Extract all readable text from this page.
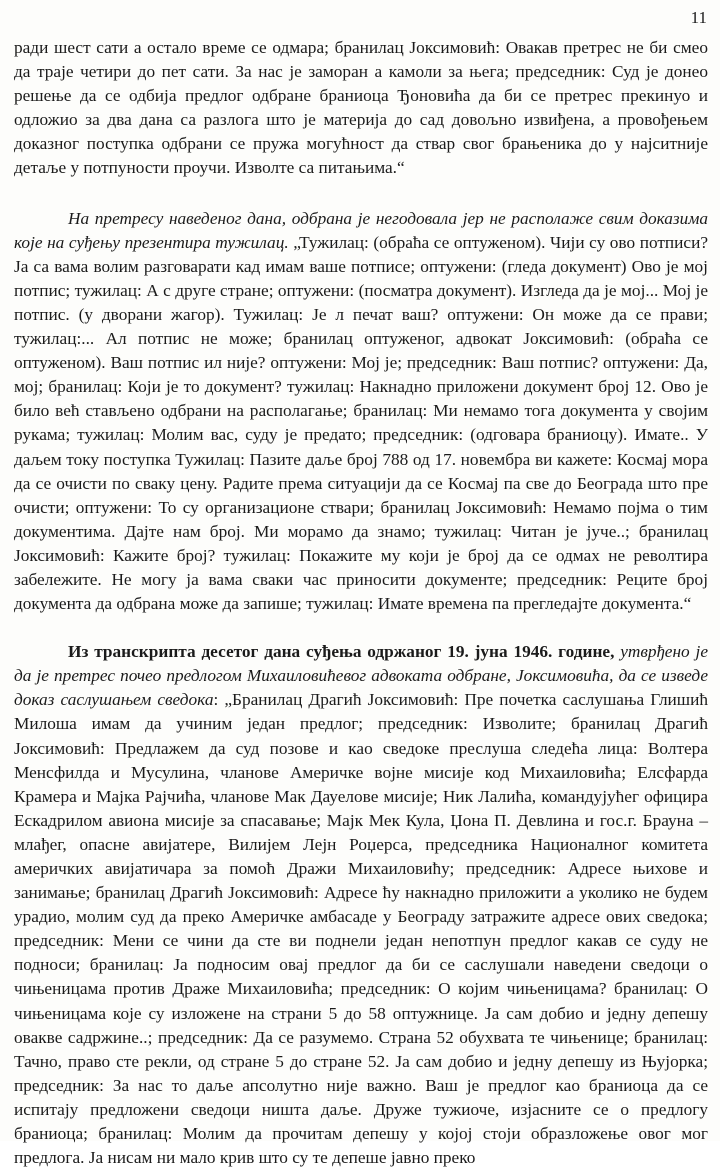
11

ради шест сати а остало време се одмара; бранилац Јоксимовић: Овакав претрес не би смео да траје четири до пет сати. За нас је заморан а камоли за њега; председник: Суд је донео решење да се одбија предлог одбране браниоца Ђоновића да би се претрес прекинуо и одложио за два дана са разлога што је материја до сад довољно извиђена, а провођењем доказног поступка одбрани се пружа могућност да ствар свог брањеника до у најситније детаље у потпуности проучи. Изволте са питањима.“

На претресу наведеног дана, одбрана је негодовала јер не располаже свим доказима које на суђењу презентира тужилац. „Тужилац: (обраћа се оптуженом). Чији су ово потписи? Ја са вама волим разговарати кад имам ваше потписе; оптужени: (гледа документ) Ово је мој потпис; тужилац: А с друге стране; оптужени: (посматра документ). Изгледа да је мој... Мој је потпис. (у дворани жагор). Тужилац: Је л печат ваш? оптужени: Он може да се прави; тужилац:... Ал потпис не може; бранилац оптуженог, адвокат Јоксимовић: (обраћа се оптуженом). Ваш потпис ил није? оптужени: Мој је; председник: Ваш потпис? оптужени: Да, мој; бранилац: Који је то документ? тужилац: Накнадно приложени документ број 12. Ово је било већ стављено одбрани на располагање; бранилац: Ми немамо тога документа у својим рукама; тужилац: Молим вас, суду је предато; председник: (одговара браниоцу). Имате.. У даљем току поступка Тужилац: Пазите даље број 788 од 17. новембра ви кажете: Космај мора да се очисти по сваку цену. Радите према ситуацији да се Космај па све до Београда што пре очисти; оптужени: То су организационе ствари; бранилац Јоксимовић: Немамо појма о тим документима. Дајте нам број. Ми морамо да знамо; тужилац: Читан је јуче..; бранилац Јоксимовић: Кажите број? тужилац: Покажите му који је број да се одмах не револтира забележите. Не могу ја вама сваки час приносити документе; председник: Реците број документа да одбрана може да запише; тужилац: Имате времена па прегледајте документа.“

Из транскрипта десетог дана суђења одржаног 19. јуна 1946. године, утврђено је да је претрес почео предлогом Михаиловићевог адвоката одбране, Јоксимовића, да се изведе доказ саслушањем сведока: „Бранилац Драгић Јоксимовић: Пре почетка саслушања Глишић Милоша имам да учиним један предлог; председник: Изволите; бранилац Драгић Јоксимовић: Предлажем да суд позове и као сведоке преслуша следећа лица: Волтера Менсфилда и Мусулина, чланове Америчке војне мисије код Михаиловића; Елсфарда Крамера и Мајка Рајчића, чланове Мак Дауелове мисије; Ник Лалића, командујућег официра Ескадрилом авиона мисије за спасавање; Мајк Мек Кула, Џона П. Девлина и гос.г. Брауна – млађег, опасне авијатере, Вилијем Лејн Роџерса, председника Националног комитета америчких авијатичара за помоћ Дражи Михаиловићу; председник: Адресе њихове и занимање; бранилац Драгић Јоксимовић: Адресе ћу накнадно приложити а уколико не будем урадио, молим суд да преко Америчке амбасаде у Београду затражите адресе ових сведока; председник: Мени се чини да сте ви поднели један непотпун предлог какав се суду не подноси; бранилац: Ја подносим овај предлог да би се саслушали наведени сведоци о чињеницама против Драже Михаиловића; председник: О којим чињеницама? бранилац: О чињеницама које су изложене на страни 5 до 58 оптужнице. Ја сам добио и једну депешу овакве садржине..; председник: Да се разумемо. Страна 52 обухвата те чињенице; бранилац: Тачно, право сте рекли, од стране 5 до стране 52. Ја сам добио и једну депешу из Њујорка; председник: За нас то даље апсолутно није важно. Ваш је предлог као браниоца да се испитају предложени сведоци ништа даље. Друже тужиоче, изјасните се о предлогу браниоца; бранилац: Молим да прочитам депешу у којој стоји образложење овог мог предлога. Ја нисам ни мало крив што су те депеше јавно преко
